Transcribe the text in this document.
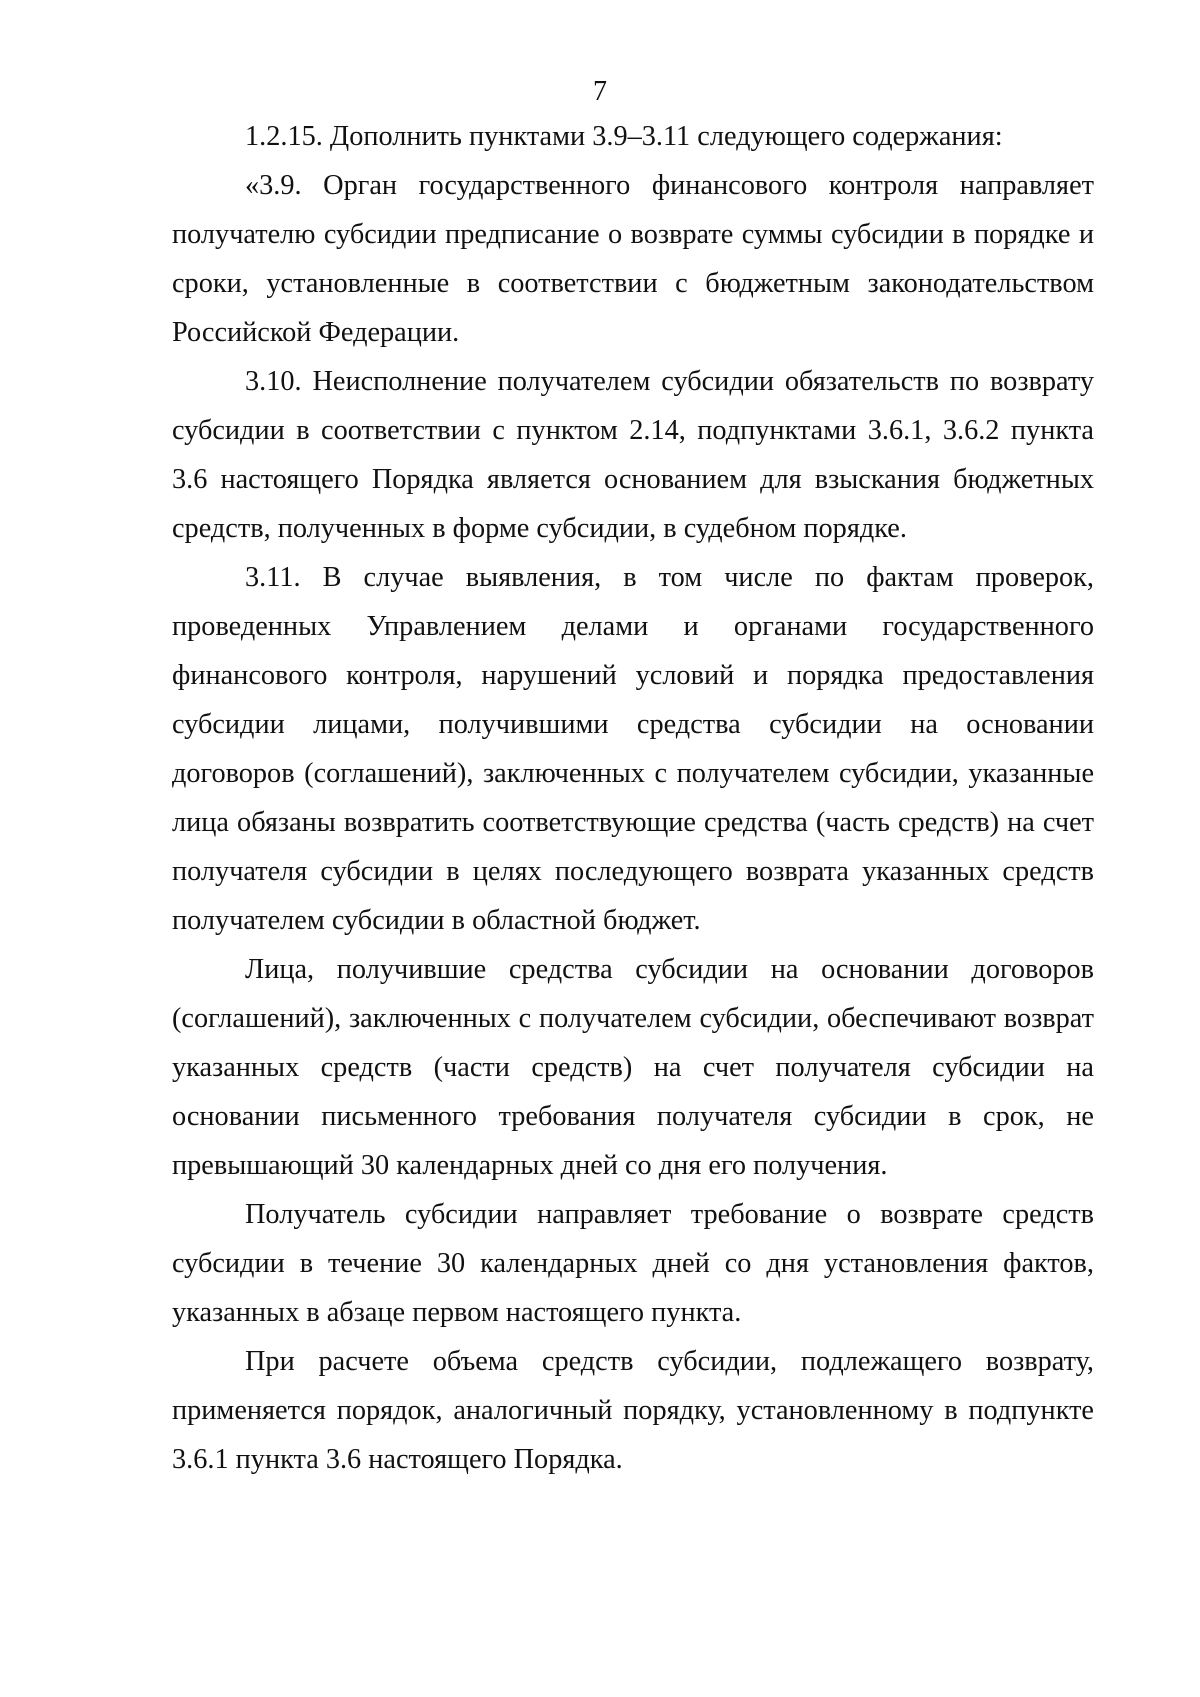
7

1.2.15. Дополнить пунктами 3.9–3.11 следующего содержания:

«3.9. Орган государственного финансового контроля направляет получателю субсидии предписание о возврате суммы субсидии в порядке и сроки, установленные в соответствии с бюджетным законодательством Российской Федерации.

3.10. Неисполнение получателем субсидии обязательств по возврату субсидии в соответствии с пунктом 2.14, подпунктами 3.6.1, 3.6.2 пункта 3.6 настоящего Порядка является основанием для взыскания бюджетных средств, полученных в форме субсидии, в судебном порядке.

3.11. В случае выявления, в том числе по фактам проверок, проведенных Управлением делами и органами государственного финансового контроля, нарушений условий и порядка предоставления субсидии лицами, получившими средства субсидии на основании договоров (соглашений), заключенных с получателем субсидии, указанные лица обязаны возвратить соответствующие средства (часть средств) на счет получателя субсидии в целях последующего возврата указанных средств получателем субсидии в областной бюджет.

Лица, получившие средства субсидии на основании договоров (соглашений), заключенных с получателем субсидии, обеспечивают возврат указанных средств (части средств) на счет получателя субсидии на основании письменного требования получателя субсидии в срок, не превышающий 30 календарных дней со дня его получения.

Получатель субсидии направляет требование о возврате средств субсидии в течение 30 календарных дней со дня установления фактов, указанных в абзаце первом настоящего пункта.

При расчете объема средств субсидии, подлежащего возврату, применяется порядок, аналогичный порядку, установленному в подпункте 3.6.1 пункта 3.6 настоящего Порядка.
